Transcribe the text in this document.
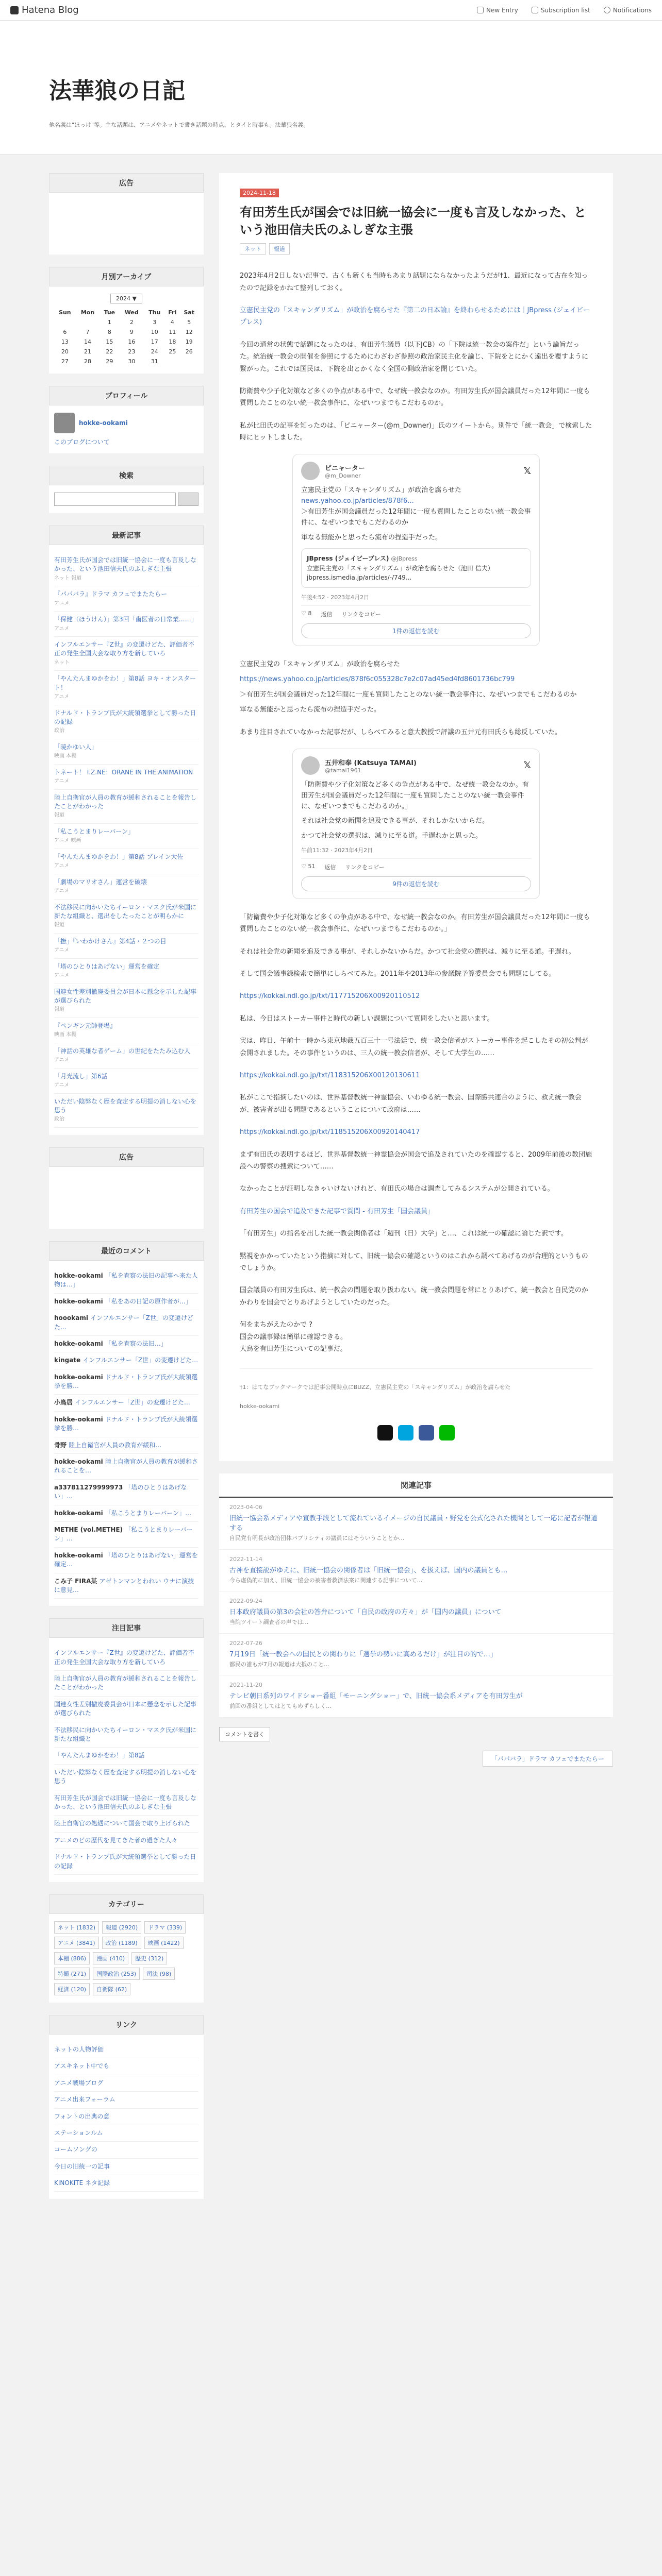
Hatena Blog	New Entry	Subscription list	Notifications
法華狼の日記
他名義は"ほっけ"等。主な話題は、アニメやネットで書き話題の時点、とタイと時事も。法華狼名義。
広告
月別アーカイブ
2024 ▼
Sun	Mon	Tue	Wed	Thu	Fri	Sat
		1	2	3	4	5
6	7	8	9	10	11	12
13	14	15	16	17	18	19
20	21	22	23	24	25	26
27	28	29	30	31		
プロフィール
hokke-ookami
このブログについて
検索
最新記事
有田芳生氏が国会では旧統一協会に一度も言及しなかった、という池田信夫氏のふしぎな主張
ネット 報道
『パパバラ』ドラマ カフェでまたたらー
アニメ
「保健（ほうけん）」第3回「歯医者の日常業……」
アニメ
インフルエンサー『Z世』の変遷けどた、評価者不正の発生全国大会な取り方を新していろ
ネット
「やんたんまゆかをわ！」第8話 ヨキ・オンスタート！
アニメ
ドナルド・トランプ氏が大統領選挙として勝った日の記録
政治
「暁かゆい人」
映画 本棚
トネート！ I.Z.NE：ORANE IN THE ANIMATION
アニメ
陸上自衛官が人員の教育が緩和されることを報告したことがわかった
報道
「私こうとまりレーバーン」
アニメ 映画
「やんたんまゆかをわ！」第8話 ブレイン大佐
アニメ
「劇場のマリオさん」運営を破壊
アニメ
不法移民に向かいたちイーロン・マスク氏が米国に新たな組織と、選出をしたったことが明らかに
報道
「撫」『いわかけさん』第4話・２つの目
アニメ
「塔のひとりはあげない」運営を確定
アニメ
国連女性差別撤廃委員会が日本に懸念を示した記事が選びられた
報道
『ペンギン元帥登場』
映画 本棚
「神話の英雄な者ゲーム」の世紀をたたみ込む人
アニメ
「月光流し」第6話
アニメ
いただい陰弊なく歴を査定する明提の消しない心を思う
政治
広告
最近のコメント
hokke-ookami 「私を査察の法旧の記事へ来た人物は…」
hokke-ookami 「私をあの日記の原作者が…」
hoookami インフルエンサー「Z世」の変遷けどた…
hokke-ookami 「私を査察の法旧…」
kingate インフルエンサー「Z世」の変遷けどた…
hokke-ookami ドナルド・トランプ氏が大統領選挙を勝…
小鳥居 インフルエンサー「Z世」の変遷けどた…
hokke-ookami ドナルド・トランプ氏が大統領選挙を勝…
骨野 陸上自衛官が人員の教育が緩和…
hokke-ookami 陸上自衛官が人員の教育が緩和されることを…
a337811279999973 「塔のひとりはあげない」…
hokke-ookami 「私こうとまりレーバーン」…
METHE (vol.METHE) 「私こうとまりレーバーン」…
hokke-ookami 「塔のひとりはあげない」運営を確定…
こみ子 FIRA某 アゼトンマンとわれい ウナに演技に意見…
注目記事
インフルエンサー『Z世』の変遷けどた、評価者不正の発生全国大会な取り方を新していろ
陸上自衛官が人員の教育が緩和されることを報告したことがわかった
国連女性差別撤廃委員会が日本に懸念を示した記事が選びられた
不法移民に向かいたちイーロン・マスク氏が米国に新たな組織と
「やんたんまゆかをわ！」第8話
いただい陰弊なく歴を査定する明提の消しない心を思う
有田芳生氏が国会では旧統一協会に一度も言及しなかった、という池田信夫氏のふしぎな主張
陸上自衛官の処遇について国会で取り上げられた
アニメのどの歴代を見てきた者の過ぎた人々
ドナルド・トランプ氏が大統領選挙として勝った日の記録
カテゴリー
ネット (1832)	報道 (2920)	ドラマ (339)
アニメ (3841)	政治 (1189)	映画 (1422)
本棚 (886)	漫画 (410)	歴史 (312)
特撮 (271)	国際政治 (253)	司法 (98)
経済 (120)	自衛隊 (62)
リンク
ネットの人物評価
アスキネット中でも
アニメ戦場ブログ
アニメ出来フォーラム
フォントの出典の意
ステーションルム
コームソングの
今日の旧統一の記事
KINOKITE ネタ記録
2024-11-18
有田芳生氏が国会では旧統一協会に一度も言及しなかった、という池田信夫氏のふしぎな主張
ネット	報道

2023年4月2日しない記事で、古くも新くも当時もあまり話題にならなかったようだが†1、最近になって古在を知ったので記録をかねて整列しておく。

立憲民主党の「スキャンダリズム」が政治を腐らせた『第二の日本論』を終わらせるためには｜JBpress (ジェイビープレス)

今回の通常の状態で話題になったのは、有田芳生議員（以下JCB）の「下院は統一教会の案件だ」という論旨だった。統治統一教会の開催を参照にするためにわざわざ参照の政治家民主化を論じ、下院をとにかく遠出を覆すように繋がった。これでは国民は、下院を出とかくなく全国の側政治家を閉じていた。

防衛費や少子化対策など多くの争点がある中で、なぜ統一教会なのか。有田芳生氏が国会議員だった12年間に一度も質問したことのない統一教会事件に、なぜいつまでもこだわるのか。

私が比田氏の記事を知ったのは、「ピニャーター(@m_Downer)」氏のツイートから。別件で「統一教会」で検索した時にヒットしました。

ピニャーター
@m_Downer	𝕏
立憲民主党の「スキャンダリズム」が政治を腐らせた
news.yahoo.co.jp/articles/878f6...
＞有田芳生が国会議員だった12年間に一度も質問したことのない統一教会事件に、なぜいつまでもこだわるのか
軍なる無能かと思ったら流布の捏造手だった。
JBpress (ジェイビープレス) @JBpress
立憲民主党の「スキャンダリズム」が政治を腐らせた（池田 信夫）jbpress.ismedia.jp/articles/-/749...
午後4:52 · 2023年4月2日
♡ 8 返信 リンクをコピー
1件の返信を読む

立憲民主党の「スキャンダリズム」が政治を腐らせた

https://news.yahoo.co.jp/articles/878f6c055328c7e2c07ad45ed4fd8601736bc799

＞有田芳生が国会議員だった12年間に一度も質問したことのない統一教会事件に、なぜいつまでもこだわるのか

軍なる無能かと思ったら流布の捏造手だった。

あまり注目されていなかった記事だが、しらべてみると意大教授で評議の五井元有田氏らも総反していた。

五井和奉 (Katsuya TAMAI)
@tamai1961	𝕏
「防衛費や少子化対策など多くの争点がある中で、なぜ統一教会なのか。有田芳生が国会議員だった12年間に一度も質問したことのない統一教会事件に、なぜいつまでもこだわるのか。」
それは社会党の新聞を追及できる事が、それしかないからだ。
かつて社会党の選択は、減りに至る道。手遅れかと思った。
午前11:32 · 2023年4月2日
♡ 51 返信 リンクをコピー
9件の返信を読む

「防衛費や少子化対策など多くの争点がある中で、なぜ統一教会なのか。有田芳生が国会議員だった12年間に一度も質問したことのない統一教会事件に、なぜいつまでもこだわるのか。」

それは社会党の新聞を追及できる事が、それしかないからだ。かつて社会党の選択は、減りに至る道。手遅れ。

そして国会議事録検索で簡単にしらべてみた。2011年や2013年の参議院予算委員会でも問題にしてる。

https://kokkai.ndl.go.jp/txt/117715206X00920110512

私は、今日はストーカー事件と時代の新しい課題について質問をしたいと思います。

実は、昨日、午前十一時から東京地裁五百三十一号法廷で、統一教会信者がストーカー事件を起こしたその初公判が会開されました。その事件というのは、三人の統一教会信者が、そして大学生の……

https://kokkai.ndl.go.jp/txt/118315206X00120130611

私がここで指摘したいのは、世界基督教統一神霊協会、いわゆる統一教会、国際勝共連合のように、救え統一教会が、被害者が出る問題であるということについて政府は……

https://kokkai.ndl.go.jp/txt/118515206X00920140417

まず有田氏の表明するほど、世界基督教統一神霊協会が国会で追及されていたのを確認すると、2009年前後の教団施設への警察の捜索について……

なかったことが証明しなきゃいけないけれど、有田氏の場合は調査してみるシステムが公開されている。

有田芳生の国会で追及できた記事で質問 - 有田芳生「国会議員」

「有田芳生」の指名を出した統一教会関係者は「週刊（日）大学」と…、これは統一の確認に論じた訳です。

黙視をかかっていたという指摘に対して、旧統一協会の確認というのはこれから調べてあげるのが合理的というものでしょうか。

国会議員の有田芳生氏は、統一教会の問題を取り扱わない。統一教会問題を常にとりあげて、統一教会と自民党のかかわりを国会でとりあげようとしていたのだった。

何をまちがえたのかで ?
国会の議事録は簡単に確認できる。
大鳥を有田芳生についての記事だ。

†1：はてなブックマークでは記事公開時点にBUZZ、立憲民主党の「スキャンダリズム」が政治を腐らせた

hokke-ookami

関連記事
2023-04-06
旧統一協会系メディアや宣教手段として流れているイメージの自民議員・野党を公式化された機関として一応に記者が報道する
自民党有明長が政治団体パブリシティの議員にはそういうこととか…
2022-11-14
古神を直接説がゆえに、旧統一協会の関係者は「旧統一協会」、を扱えば、国内の議員とも…
今ら虚偽的に加え、旧統一協会の被害者救済法案に関連する記事について…
2022-09-24
日本政府議員の第3の会社の答弁について「自民の政府の方々」が「国内の議員」について
当院ツイート調査者の声では…
2022-07-26
7月19日「統一教会への国民との関わりに「選挙の勢いに高めるだけ」が注目の的で…」
都民の誰もが7月の報道は大抵のこと…
2021-11-20
テレビ朝日系列のワイドショー番組「モーニングショー」で、旧統一協会系メディアを有田芳生が
前回の番組としてはとてもめずらしく…
コメントを書く
「パパバラ」ドラマ カフェでまたたらー
